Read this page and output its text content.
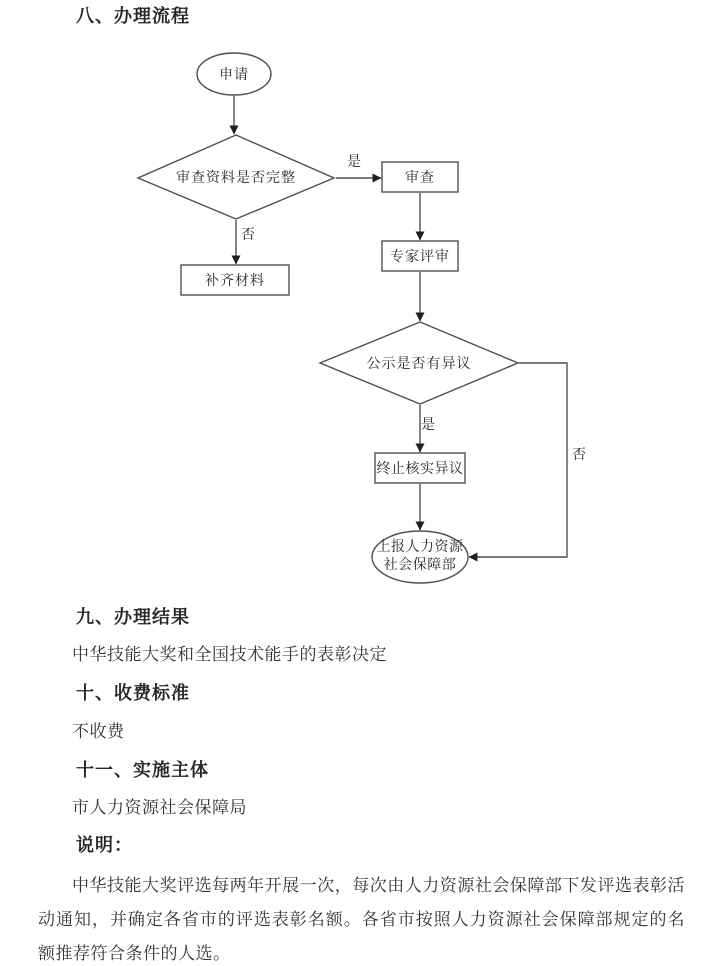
八、办理流程
申请
审查资料是否完整	审查
补齐材料
专家评审
公示是否有异议
终止核实异议
上报人力资源
社会保障部
是
否
是
否
九、办理结果
中华技能大奖和全国技术能手的表彰决定
十、收费标准
不收费
十一、实施主体
市人力资源社会保障局
说明：
中华技能大奖评选每两年开展一次，每次由人力资源社会保障部下发评选表彰活动通知，并确定各省市的评选表彰名额。各省市按照人力资源社会保障部规定的名额推荐符合条件的人选。
